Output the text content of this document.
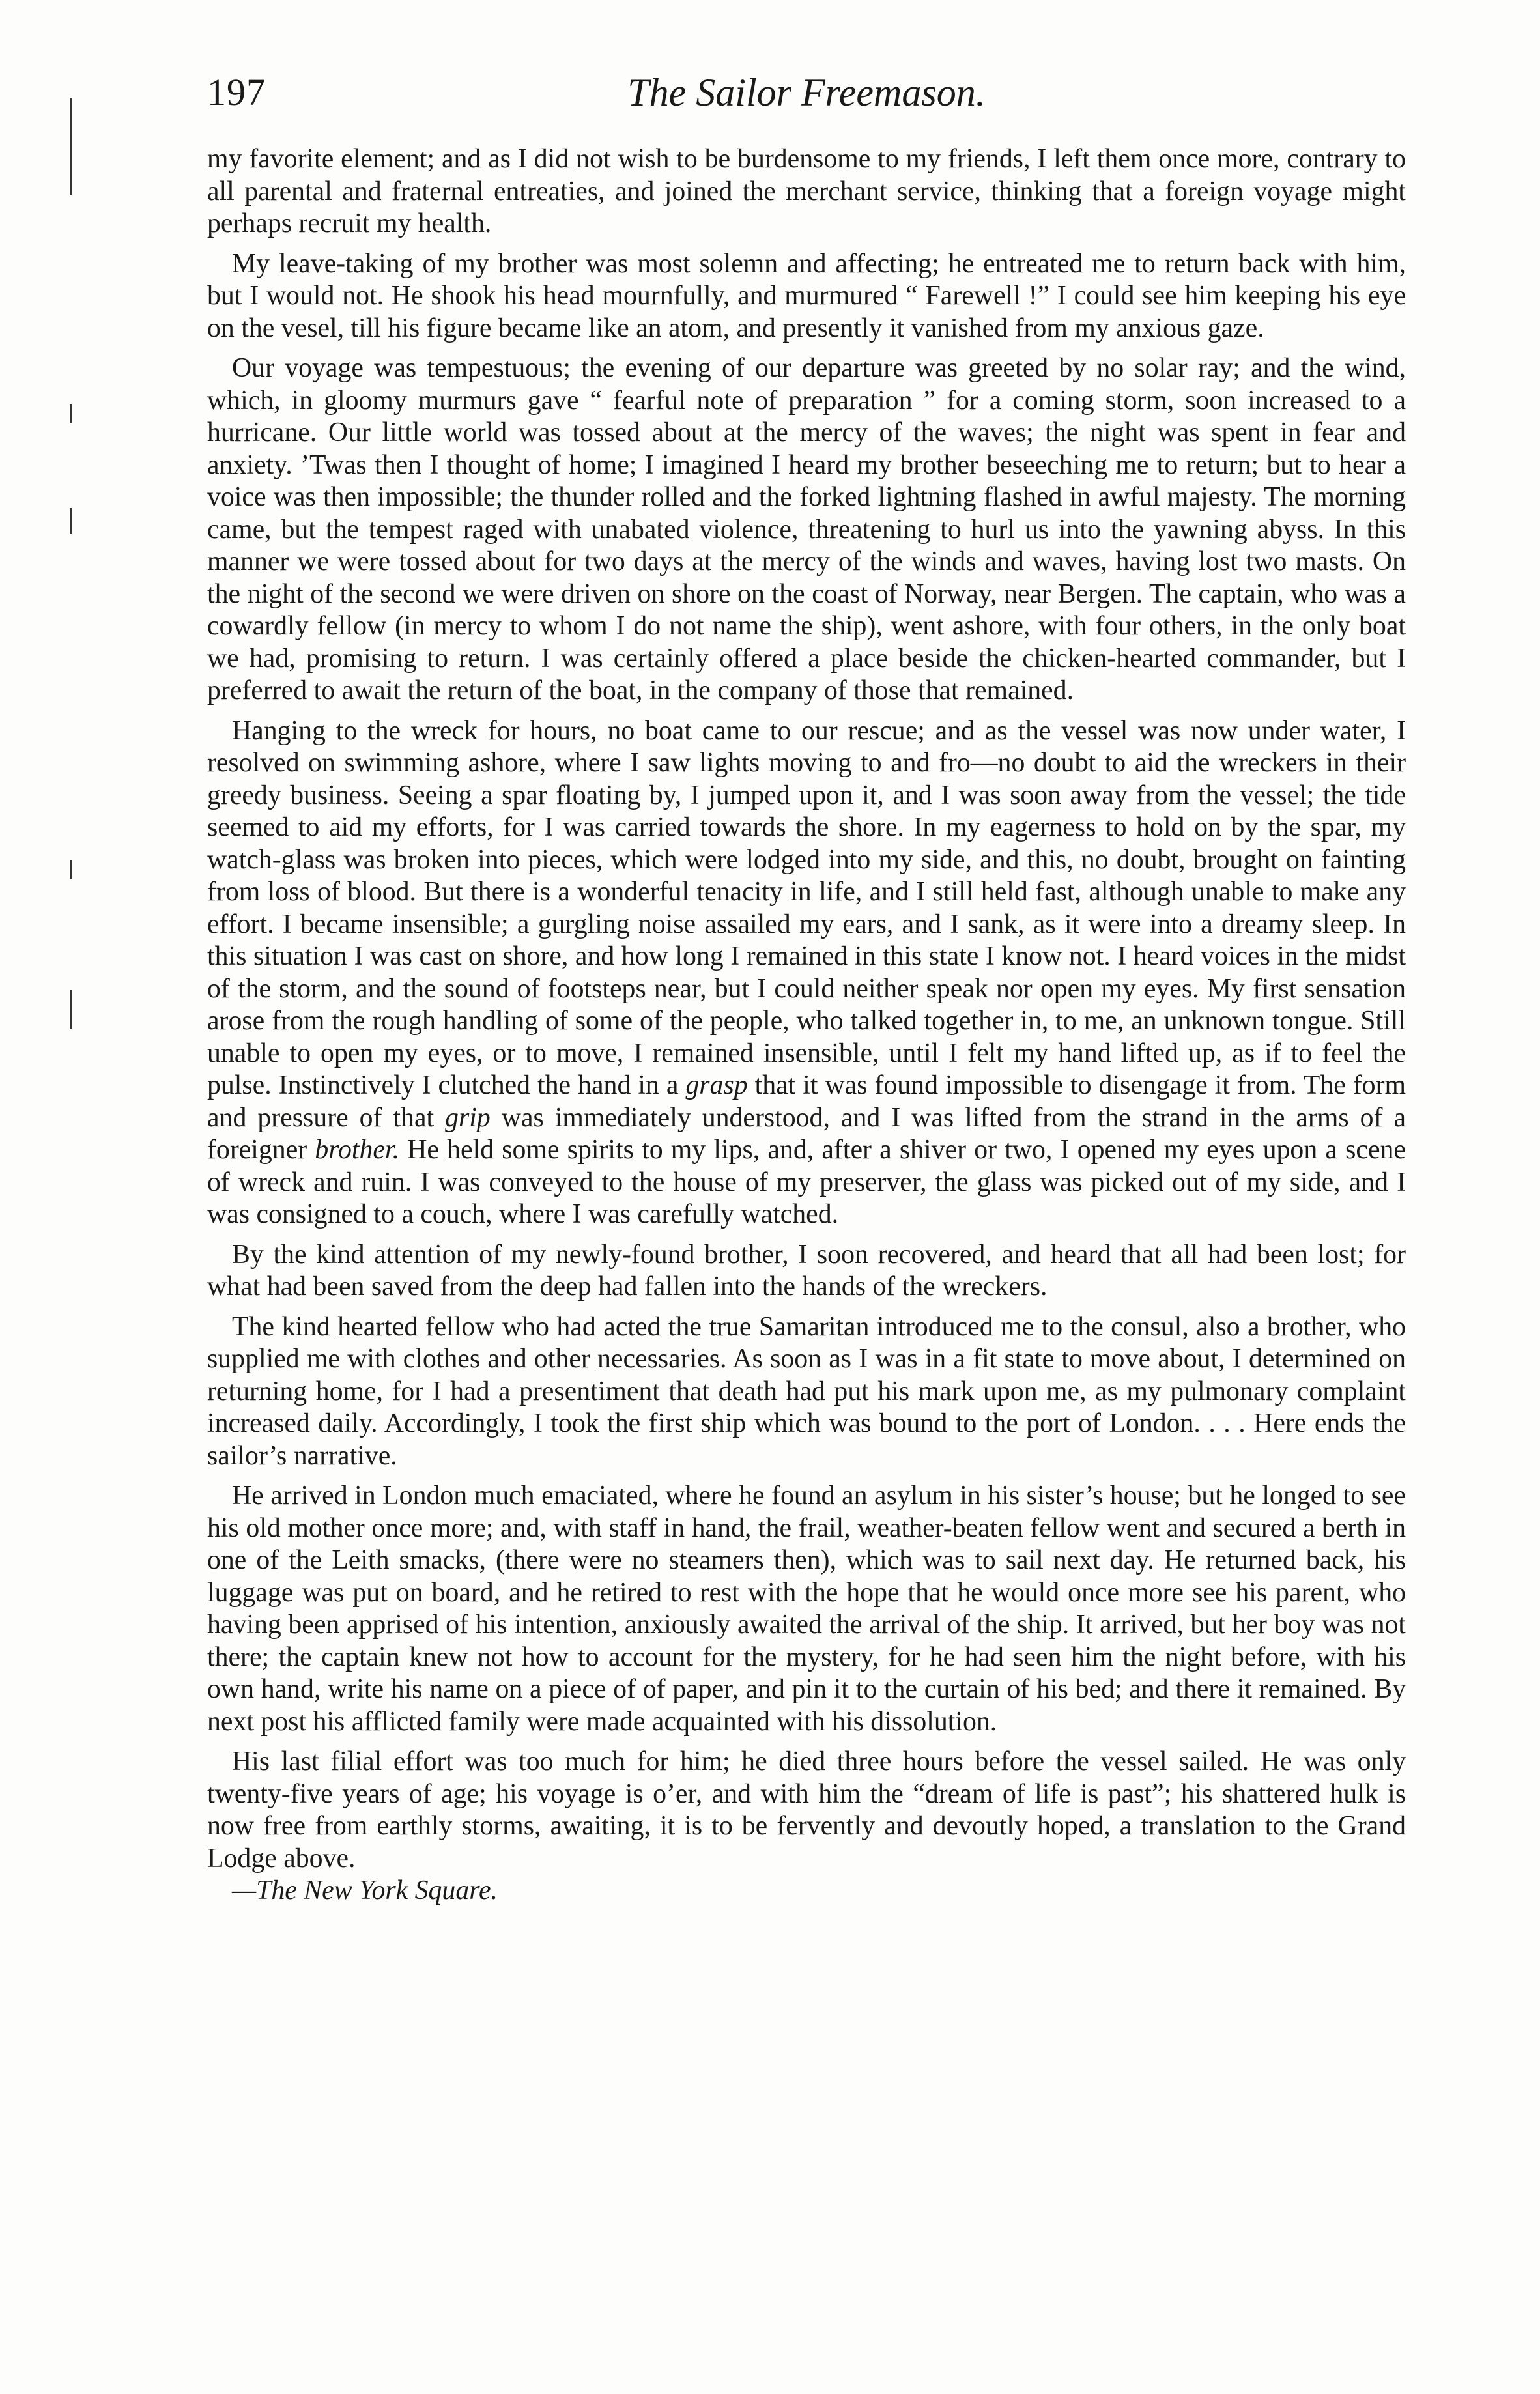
197	The Sailor Freemason.

my favorite element; and as I did not wish to be burdensome to my friends, I left them once more, contrary to all parental and fraternal entreaties, and joined the merchant service, thinking that a foreign voyage might perhaps recruit my health.

My leave-taking of my brother was most solemn and affecting; he entreated me to return back with him, but I would not. He shook his head mournfully, and murmured “ Farewell !” I could see him keeping his eye on the vesel, till his figure became like an atom, and presently it vanished from my anxious gaze.

Our voyage was tempestuous; the evening of our departure was greeted by no solar ray; and the wind, which, in gloomy murmurs gave “ fearful note of preparation ” for a coming storm, soon increased to a hurricane. Our little world was tossed about at the mercy of the waves; the night was spent in fear and anxiety. ’Twas then I thought of home; I imagined I heard my brother beseeching me to return; but to hear a voice was then impossible; the thunder rolled and the forked lightning flashed in awful majesty. The morning came, but the tempest raged with unabated violence, threatening to hurl us into the yawning abyss. In this manner we were tossed about for two days at the mercy of the winds and waves, having lost two masts. On the night of the second we were driven on shore on the coast of Norway, near Bergen. The captain, who was a cowardly fellow (in mercy to whom I do not name the ship), went ashore, with four others, in the only boat we had, promising to return. I was certainly offered a place beside the chicken-hearted commander, but I preferred to await the return of the boat, in the company of those that remained.

Hanging to the wreck for hours, no boat came to our rescue; and as the vessel was now under water, I resolved on swimming ashore, where I saw lights moving to and fro—no doubt to aid the wreckers in their greedy business. Seeing a spar floating by, I jumped upon it, and I was soon away from the vessel; the tide seemed to aid my efforts, for I was carried towards the shore. In my eagerness to hold on by the spar, my watch-glass was broken into pieces, which were lodged into my side, and this, no doubt, brought on fainting from loss of blood. But there is a wonderful tenacity in life, and I still held fast, although unable to make any effort. I became insensible; a gurgling noise assailed my ears, and I sank, as it were into a dreamy sleep. In this situation I was cast on shore, and how long I remained in this state I know not. I heard voices in the midst of the storm, and the sound of footsteps near, but I could neither speak nor open my eyes. My first sensation arose from the rough handling of some of the people, who talked together in, to me, an unknown tongue. Still unable to open my eyes, or to move, I remained insensible, until I felt my hand lifted up, as if to feel the pulse. Instinctively I clutched the hand in a grasp that it was found impossible to disengage it from. The form and pressure of that grip was immediately understood, and I was lifted from the strand in the arms of a foreigner brother. He held some spirits to my lips, and, after a shiver or two, I opened my eyes upon a scene of wreck and ruin. I was conveyed to the house of my preserver, the glass was picked out of my side, and I was consigned to a couch, where I was carefully watched.

By the kind attention of my newly-found brother, I soon recovered, and heard that all had been lost; for what had been saved from the deep had fallen into the hands of the wreckers.

The kind hearted fellow who had acted the true Samaritan introduced me to the consul, also a brother, who supplied me with clothes and other necessaries. As soon as I was in a fit state to move about, I determined on returning home, for I had a presentiment that death had put his mark upon me, as my pulmonary complaint increased daily. Accordingly, I took the first ship which was bound to the port of London. . . . Here ends the sailor’s narrative.

He arrived in London much emaciated, where he found an asylum in his sister’s house; but he longed to see his old mother once more; and, with staff in hand, the frail, weather-beaten fellow went and secured a berth in one of the Leith smacks, (there were no steamers then), which was to sail next day. He returned back, his luggage was put on board, and he retired to rest with the hope that he would once more see his parent, who having been apprised of his intention, anxiously awaited the arrival of the ship. It arrived, but her boy was not there; the captain knew not how to account for the mystery, for he had seen him the night before, with his own hand, write his name on a piece of of paper, and pin it to the curtain of his bed; and there it remained. By next post his afflicted family were made acquainted with his dissolution.

His last filial effort was too much for him; he died three hours before the vessel sailed. He was only twenty-five years of age; his voyage is o’er, and with him the “dream of life is past”; his shattered hulk is now free from earthly storms, awaiting, it is to be fervently and devoutly hoped, a translation to the Grand Lodge above.

—The New York Square.
